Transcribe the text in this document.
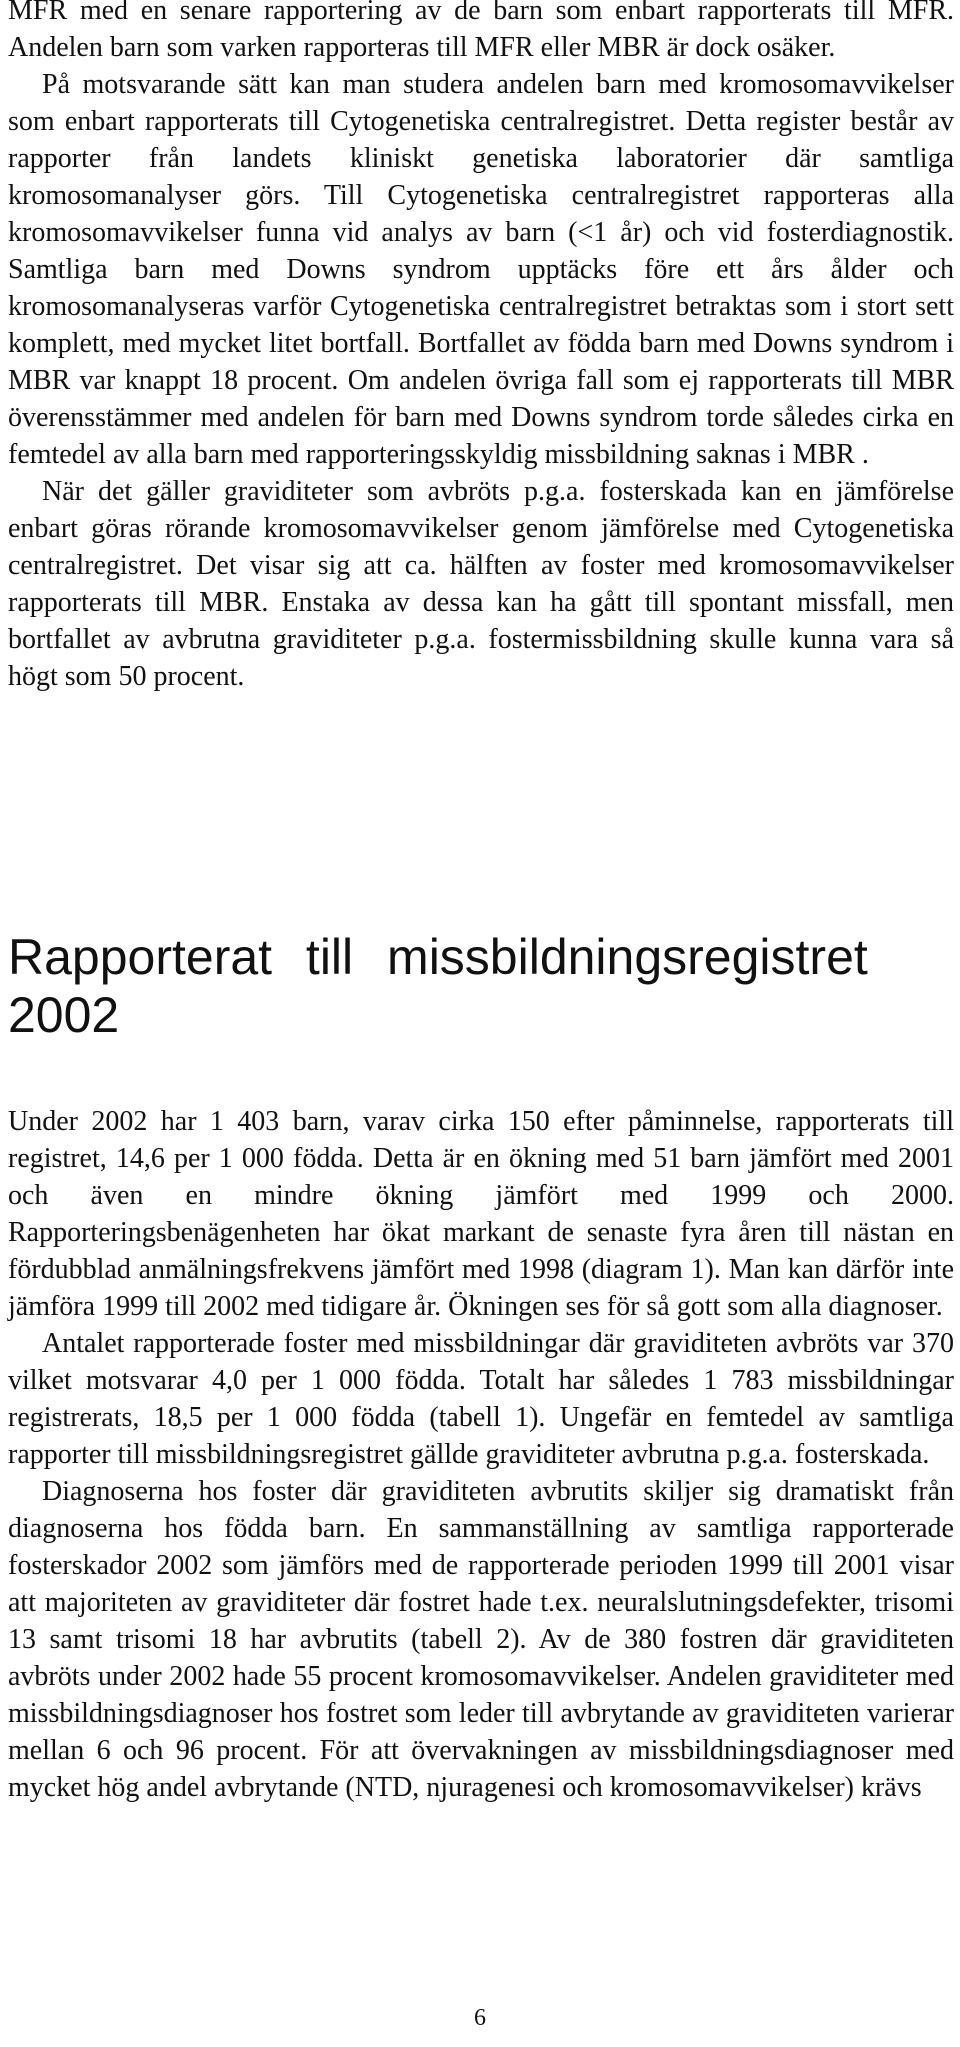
MFR med en senare rapportering av de barn som enbart rapporterats till MFR. Andelen barn som varken rapporteras till MFR eller MBR är dock osäker.

På motsvarande sätt kan man studera andelen barn med kromosomavvikelser som enbart rapporterats till Cytogenetiska centralregistret. Detta register består av rapporter från landets kliniskt genetiska laboratorier där samtliga kromosomanalyser görs. Till Cytogenetiska centralregistret rapporteras alla kromosomavvikelser funna vid analys av barn (<1 år) och vid fosterdiagnostik. Samtliga barn med Downs syndrom upptäcks före ett års ålder och kromosomanalyseras varför Cytogenetiska centralregistret betraktas som i stort sett komplett, med mycket litet bortfall. Bortfallet av födda barn med Downs syndrom i MBR var knappt 18 procent. Om andelen övriga fall som ej rapporterats till MBR överensstämmer med andelen för barn med Downs syndrom torde således cirka en femtedel av alla barn med rapporteringsskyldig missbildning saknas i MBR .

När det gäller graviditeter som avbröts p.g.a. fosterskada kan en jämförelse enbart göras rörande kromosomavvikelser genom jämförelse med Cytogenetiska centralregistret. Det visar sig att ca. hälften av foster med kromosomavvikelser rapporterats till MBR. Enstaka av dessa kan ha gått till spontant missfall, men bortfallet av avbrutna graviditeter p.g.a. fostermissbildning skulle kunna vara så högt som 50 procent.

Rapporterat till missbildningsregistret 2002

Under 2002 har 1 403 barn, varav cirka 150 efter påminnelse, rapporterats till registret, 14,6 per 1 000 födda. Detta är en ökning med 51 barn jämfört med 2001 och även en mindre ökning jämfört med 1999 och 2000. Rapporteringsbenägenheten har ökat markant de senaste fyra åren till nästan en fördubblad anmälningsfrekvens jämfört med 1998 (diagram 1). Man kan därför inte jämföra 1999 till 2002 med tidigare år. Ökningen ses för så gott som alla diagnoser.

Antalet rapporterade foster med missbildningar där graviditeten avbröts var 370 vilket motsvarar 4,0 per 1 000 födda. Totalt har således 1 783 missbildningar registrerats, 18,5 per 1 000 födda (tabell 1). Ungefär en femtedel av samtliga rapporter till missbildningsregistret gällde graviditeter avbrutna p.g.a. fosterskada.

Diagnoserna hos foster där graviditeten avbrutits skiljer sig dramatiskt från diagnoserna hos födda barn. En sammanställning av samtliga rapporterade fosterskador 2002 som jämförs med de rapporterade perioden 1999 till 2001 visar att majoriteten av graviditeter där fostret hade t.ex. neuralslutningsdefekter, trisomi 13 samt trisomi 18 har avbrutits (tabell 2). Av de 380 fostren där graviditeten avbröts under 2002 hade 55 procent kromosomavvikelser. Andelen graviditeter med missbildningsdiagnoser hos fostret som leder till avbrytande av graviditeten varierar mellan 6 och 96 procent. För att övervakningen av missbildningsdiagnoser med mycket hög andel avbrytande (NTD, njuragenesi och kromosomavvikelser) krävs

6
